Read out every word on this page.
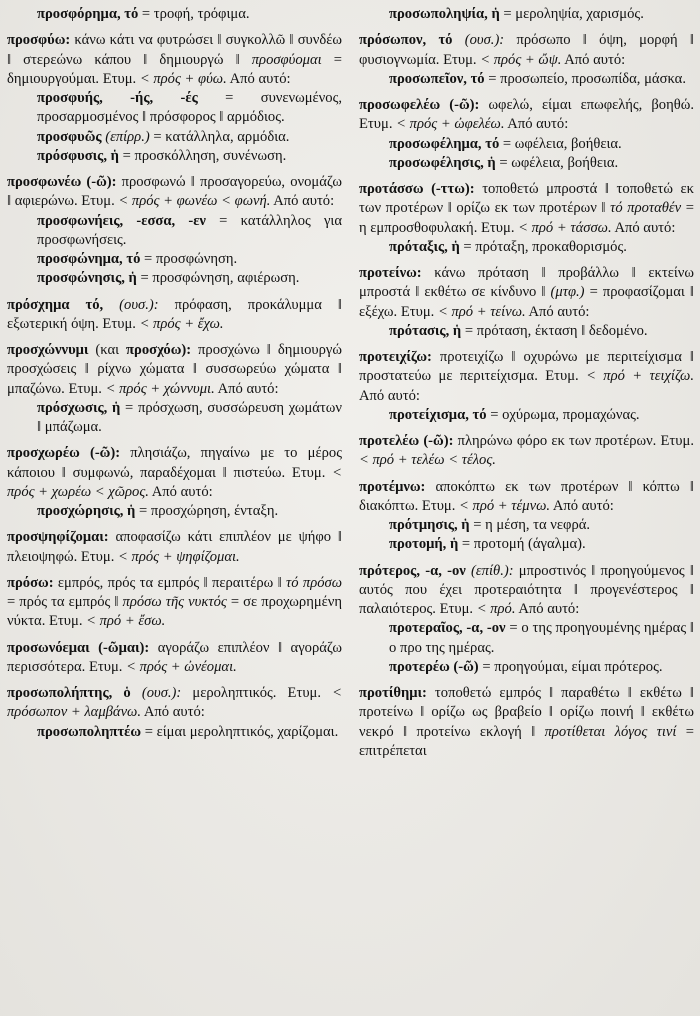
προσφόρημα, τό = τροφή, τρόφιμα.

προσφύω: κάνω κάτι να φυτρώσει ‖ συγκολλῶ ‖ συνδέω ‖ στερεώνω κάπου ‖ δημιουργώ ‖ προσφύομαι = δημιουργούμαι. Ετυμ. < πρός + φύω. Από αυτό:

προσφυής, -ής, -ές = συνενωμένος, προσαρμοσμένος ‖ πρόσφορος ‖ αρμόδιος.

προσφυῶς (επίρρ.) = κατάλληλα, αρμόδια.

πρόσφυσις, ἡ = προσκόλληση, συνένωση.

προσφωνέω (-ῶ): προσφωνώ ‖ προσαγορεύω, ονομάζω ‖ αφιερώνω. Ετυμ. < πρός + φωνέω < φωνή. Από αυτό:

προσφωνήεις, -εσσα, -εν = κατάλληλος για προσφωνήσεις.

προσφώνημα, τό = προσφώνηση.

προσφώνησις, ἡ = προσφώνηση, αφιέρωση.

πρόσχημα τό, (ουσ.): πρόφαση, προκάλυμμα ‖ εξωτερική όψη. Ετυμ. < πρός + ἔχω.

προσχώννυμι (και προσχόω): προσχώνω ‖ δημιουργώ προσχώσεις ‖ ρίχνω χώματα ‖ συσσωρεύω χώματα ‖ μπαζώνω. Ετυμ. < πρός + χώννυμι. Από αυτό:

πρόσχωσις, ἡ = πρόσχωση, συσσώρευση χωμάτων ‖ μπάζωμα.

προσχωρέω (-ῶ): πλησιάζω, πηγαίνω με το μέρος κάποιου ‖ συμφωνώ, παραδέχομαι ‖ πιστεύω. Ετυμ. < πρός + χωρέω < χῶρος. Από αυτό:

προσχώρησις, ἡ = προσχώρηση, ένταξη.

προσψηφίζομαι: αποφασίζω κάτι επιπλέον με ψήφο ‖ πλειοψηφώ. Ετυμ. < πρός + ψηφίζομαι.

πρόσω: εμπρός, πρός τα εμπρός ‖ περαιτέρω ‖ τό πρόσω = πρός τα εμπρός ‖ πρόσω τῆς νυκτός = σε προχωρημένη νύκτα. Ετυμ. < πρό + ἔσω.

προσωνόεμαι (-ῶμαι): αγοράζω επιπλέον ‖ αγοράζω περισσότερα. Ετυμ. < πρός + ὠνέομαι.

προσωπολήπτης, ὁ (ουσ.): μεροληπτικός. Ετυμ. < πρόσωπον + λαμβάνω. Από αυτό:

προσωποληπτέω = είμαι μεροληπτικός, χαρίζομαι.

προσωποληψία, ἡ = μεροληψία, χαρισμός.

πρόσωπον, τό (ουσ.): πρόσωπο ‖ όψη, μορφή ‖ φυσιογνωμία. Ετυμ. < πρός + ὤψ. Από αυτό:

προσωπεῖον, τό = προσωπείο, προσωπίδα, μάσκα.

προσωφελέω (-ῶ): ωφελώ, είμαι επωφελής, βοηθώ. Ετυμ. < πρός + ὠφελέω. Από αυτό:

προσωφέλημα, τό = ωφέλεια, βοήθεια.

προσωφέλησις, ἡ = ωφέλεια, βοήθεια.

προτάσσω (-ττω): τοποθετώ μπροστά ‖ τοποθετώ εκ των προτέρων ‖ ορίζω εκ των προτέρων ‖ τό προταθέν = η εμπροσθοφυλακή. Ετυμ. < πρό + τάσσω. Από αυτό:

πρόταξις, ἡ = πρόταξη, προκαθορισμός.

προτείνω: κάνω πρόταση ‖ προβάλλω ‖ εκτείνω μπροστά ‖ εκθέτω σε κίνδυνο ‖ (μτφ.) = προφασίζομαι ‖ εξέχω. Ετυμ. < πρό + τείνω. Από αυτό:

πρότασις, ἡ = πρόταση, έκταση ‖ δεδομένο.

προτειχίζω: προτειχίζω ‖ οχυρώνω με περιτείχισμα ‖ προστατεύω με περιτείχισμα. Ετυμ. < πρό + τειχίζω. Από αυτό:

προτείχισμα, τό = οχύρωμα, προμαχώνας.

προτελέω (-ῶ): πληρώνω φόρο εκ των προτέρων. Ετυμ. < πρό + τελέω < τέλος.

προτέμνω: αποκόπτω εκ των προτέρων ‖ κόπτω ‖ διακόπτω. Ετυμ. < πρό + τέμνω. Από αυτό:

πρότμησις, ἡ = η μέση, τα νεφρά.

προτομή, ἡ = προτομή (άγαλμα).

πρότερος, -α, -ον (επίθ.): μπροστινός ‖ προηγούμενος ‖ αυτός που έχει προτεραιότητα ‖ προγενέστερος ‖ παλαιότερος. Ετυμ. < πρό. Από αυτό:

προτεραῖος, -α, -ον = ο της προηγουμένης ημέρας ‖ ο προ της ημέρας.

προτερέω (-ῶ) = προηγούμαι, είμαι πρότερος.

προτίθημι: τοποθετώ εμπρός ‖ παραθέτω ‖ εκθέτω ‖ προτείνω ‖ ορίζω ως βραβείο ‖ ορίζω ποινή ‖ εκθέτω νεκρό ‖ προτείνω εκλογή ‖ προτίθεται λόγος τινί = επιτρέπεται
